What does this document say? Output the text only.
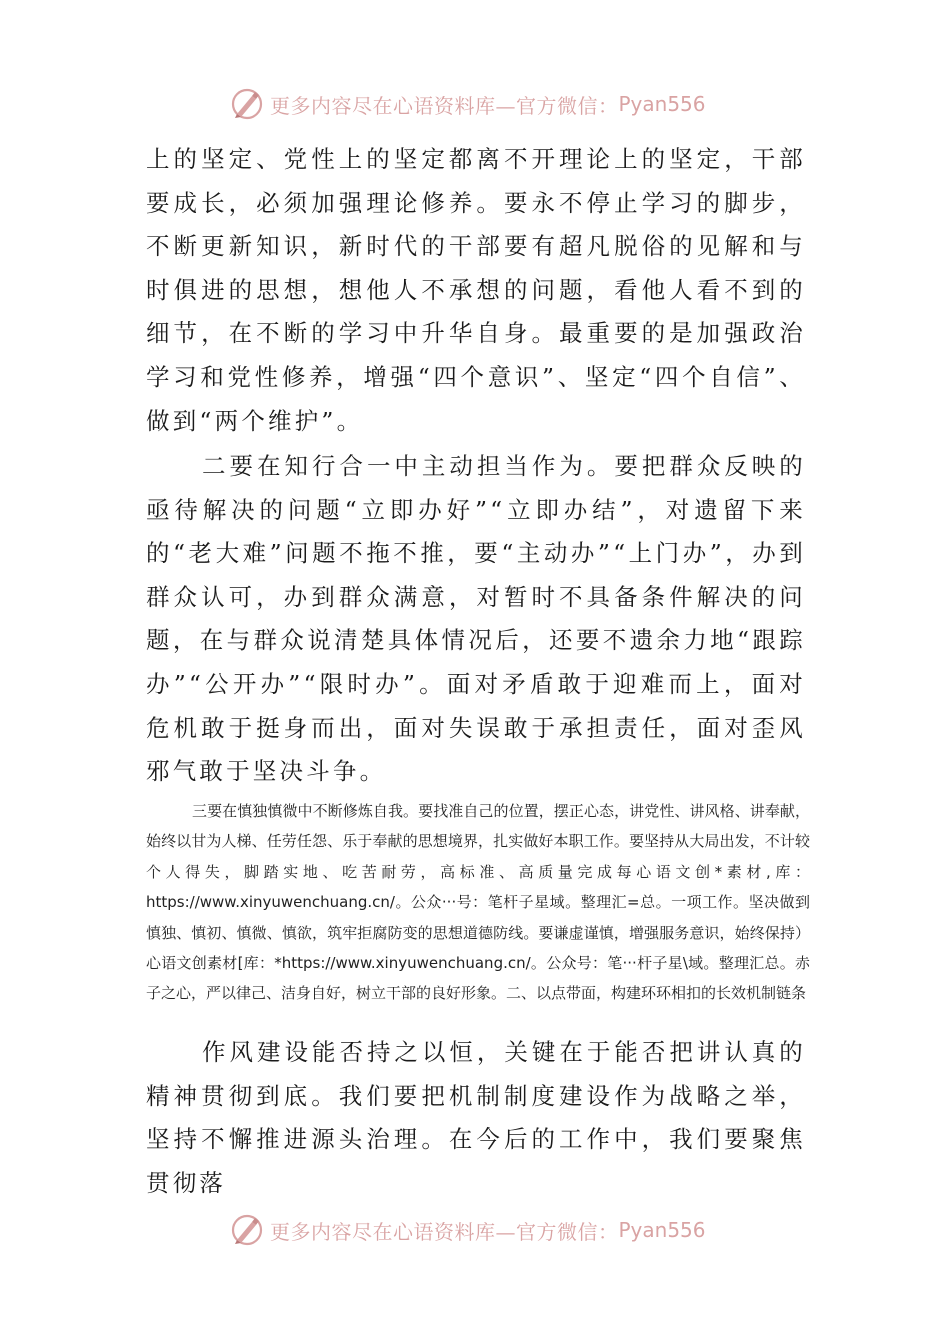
更多内容尽在心语资料库—官方微信： Pyan556

上的坚定、党性上的坚定都离不开理论上的坚定，干部要成长，必须加强理论修养。要永不停止学习的脚步，不断更新知识，新时代的干部要有超凡脱俗的见解和与时俱进的思想，想他人不承想的问题，看他人看不到的细节，在不断的学习中升华自身。最重要的是加强政治学习和党性修养，增强“四个意识”、坚定“四个自信”、做到“两个维护”。

二要在知行合一中主动担当作为。要把群众反映的亟待解决的问题“立即办好”“立即办结”，对遗留下来的“老大难”问题不拖不推，要“主动办”“上门办”，办到群众认可，办到群众满意，对暂时不具备条件解决的问题，在与群众说清楚具体情况后，还要不遗余力地“跟踪办”“公开办”“限时办”。面对矛盾敢于迎难而上，面对危机敢于挺身而出，面对失误敢于承担责任，面对歪风邪气敢于坚决斗争。

三要在慎独慎微中不断修炼自我。要找准自己的位置，摆正心态，讲党性、讲风格、讲奉献，始终以甘为人梯、任劳任怨、乐于奉献的思想境界，扎实做好本职工作。要坚持从大局出发，不计较个人得失，脚踏实地、吃苦耐劳，高标准、高质量完成每心语文创*素材,库：https://www.xinyuwenchuang.cn/。公众···号：笔杆子星域。整理汇=总。一项工作。坚决做到慎独、慎初、慎微、慎欲，筑牢拒腐防变的思想道德防线。要谦虚谨慎，增强服务意识，始终保持）心语文创素材[库：*https://www.xinyuwenchuang.cn/。公众号：笔···杆子星\域。整理汇总。赤子之心，严以律己、洁身自好，树立干部的良好形象。二、以点带面，构建环环相扣的长效机制链条

作风建设能否持之以恒，关键在于能否把讲认真的精神贯彻到底。我们要把机制制度建设作为战略之举，坚持不懈推进源头治理。在今后的工作中，我们要聚焦贯彻落

更多内容尽在心语资料库—官方微信： Pyan556
